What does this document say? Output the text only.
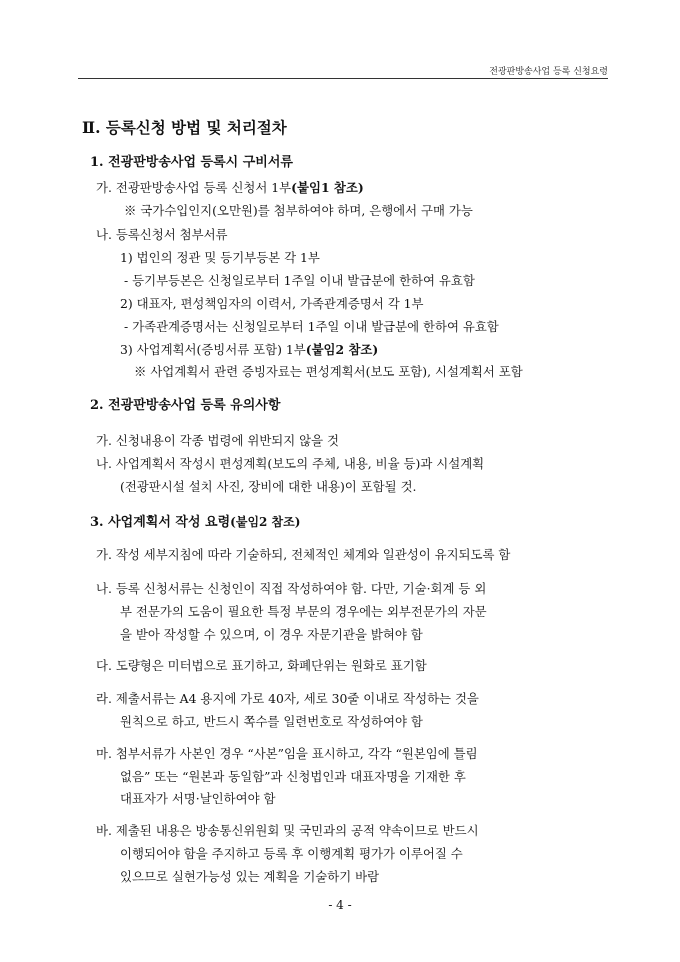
전광판방송사업 등록 신청요령
Ⅱ. 등록신청 방법 및 처리절차
1. 전광판방송사업 등록시 구비서류
가. 전광판방송사업 등록 신청서 1부(붙임1 참조)
※ 국가수입인지(오만원)를 첨부하여야 하며, 은행에서 구매 가능
나. 등록신청서 첨부서류
1) 법인의 정관 및 등기부등본 각 1부
- 등기부등본은 신청일로부터 1주일 이내 발급분에 한하여 유효함
2) 대표자, 편성책임자의 이력서, 가족관계증명서 각 1부
- 가족관계증명서는 신청일로부터 1주일 이내 발급분에 한하여 유효함
3) 사업계획서(증빙서류 포함) 1부(붙임2 참조)
※ 사업계획서 관련 증빙자료는 편성계획서(보도 포함), 시설계획서 포함
2. 전광판방송사업 등록 유의사항
가. 신청내용이 각종 법령에 위반되지 않을 것
나. 사업계획서 작성시 편성계획(보도의 주체, 내용, 비율 등)과 시설계획
(전광판시설 설치 사진, 장비에 대한 내용)이 포함될 것.
3. 사업계획서 작성 요령(붙임2 참조)
가. 작성 세부지침에 따라 기술하되, 전체적인 체계와 일관성이 유지되도록 함
나. 등록 신청서류는 신청인이 직접 작성하여야 함. 다만, 기술·회계 등 외
부 전문가의 도움이 필요한 특정 부문의 경우에는 외부전문가의 자문
을 받아 작성할 수 있으며, 이 경우 자문기관을 밝혀야 함
다. 도량형은 미터법으로 표기하고, 화폐단위는 원화로 표기함
라. 제출서류는 A4 용지에 가로 40자, 세로 30줄 이내로 작성하는 것을
원칙으로 하고, 반드시 쪽수를 일련번호로 작성하여야 함
마. 첨부서류가 사본인 경우 “사본”임을 표시하고, 각각 “원본임에 틀림
없음” 또는 “원본과 동일함”과 신청법인과 대표자명을 기재한 후
대표자가 서명·날인하여야 함
바. 제출된 내용은 방송통신위원회 및 국민과의 공적 약속이므로 반드시
이행되어야 함을 주지하고 등록 후 이행계획 평가가 이루어질 수
있으므로 실현가능성 있는 계획을 기술하기 바람
- 4 -
